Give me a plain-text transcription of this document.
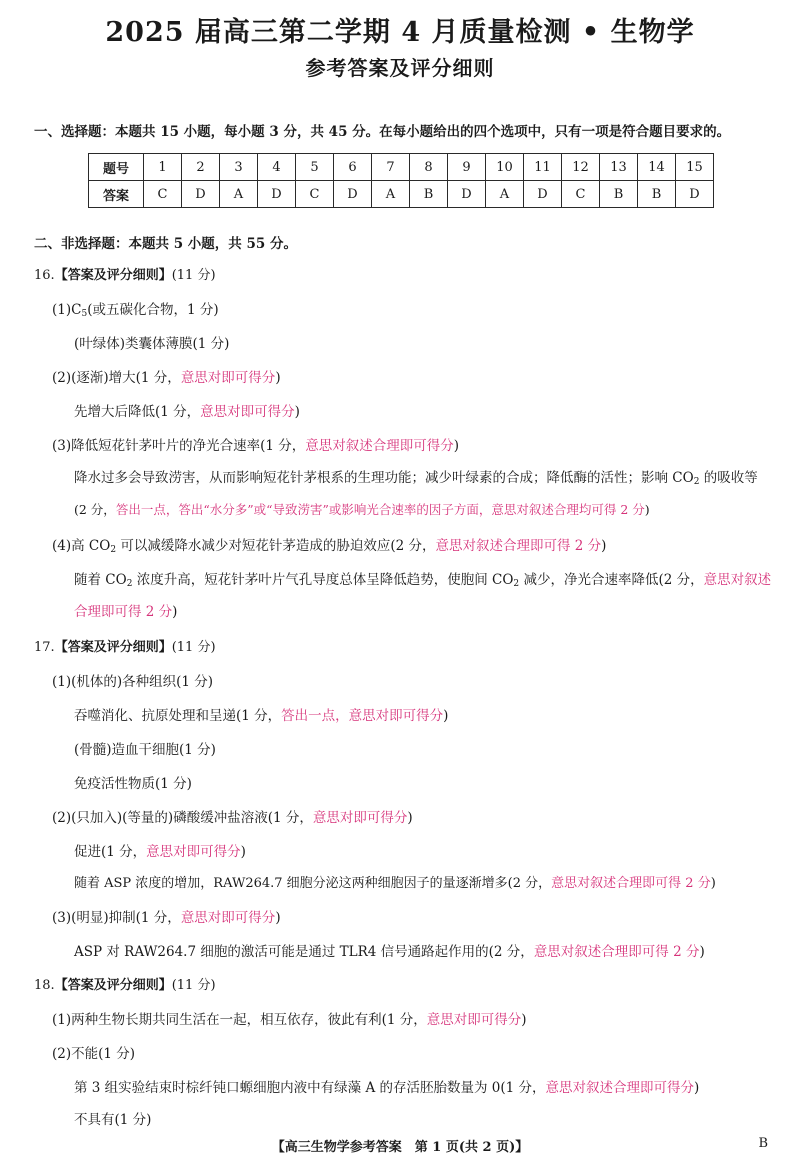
2025 届高三第二学期 4 月质量检测 • 生物学
参考答案及评分细则
一、选择题：本题共 15 小题，每小题 3 分，共 45 分。在每小题给出的四个选项中，只有一项是符合题目要求的。
题号	1	2	3	4	5	6	7	8	9	10	11	12	13	14	15
答案	C	D	A	D	C	D	A	B	D	A	D	C	B	B	D
二、非选择题：本题共 5 小题，共 55 分。
16.【答案及评分细则】(11 分)
$(1)C_5$(或五碳化合物，1 分)
(叶绿体)类囊体薄膜(1 分)
(2)(逐渐)增大(1 分，意思对即可得分)
先增大后降低(1 分，意思对即可得分)
(3)降低短花针茅叶片的净光合速率(1 分，意思对叙述合理即可得分)
降水过多会导致涝害，从而影响短花针茅根系的生理功能；减少叶绿素的合成；降低酶的活性；影响 $CO_2$ 的吸收等
(2 分，答出一点，答出“水分多”或“导致涝害”或影响光合速率的因子方面，意思对叙述合理均可得 2 分)
(4)高 $CO_2$ 可以减缓降水减少对短花针茅造成的胁迫效应(2 分，意思对叙述合理即可得 2 分)
随着 $CO_2$ 浓度升高，短花针茅叶片气孔导度总体呈降低趋势，使胞间 $CO_2$ 减少，净光合速率降低(2 分，意思对叙述
合理即可得 2 分)
17.【答案及评分细则】(11 分)
(1)(机体的)各种组织(1 分)
吞噬消化、抗原处理和呈递(1 分，答出一点，意思对即可得分)
(骨髓)造血干细胞(1 分)
免疫活性物质(1 分)
(2)(只加入)(等量的)磷酸缓冲盐溶液(1 分，意思对即可得分)
促进(1 分，意思对即可得分)
随着 ASP 浓度的增加，RAW264.7 细胞分泌这两种细胞因子的量逐渐增多(2 分，意思对叙述合理即可得 2 分)
(3)(明显)抑制(1 分，意思对即可得分)
ASP 对 RAW264.7 细胞的激活可能是通过 TLR4 信号通路起作用的(2 分，意思对叙述合理即可得 2 分)
18.【答案及评分细则】(11 分)
(1)两种生物长期共同生活在一起，相互依存，彼此有利(1 分，意思对即可得分)
(2)不能(1 分)
第 3 组实验结束时棕纤钝口螈细胞内液中有绿藻 A 的存活胚胎数量为 0(1 分，意思对叙述合理即可得分)
不具有(1 分)
【高三生物学参考答案　第 1 页(共 2 页)】	B
